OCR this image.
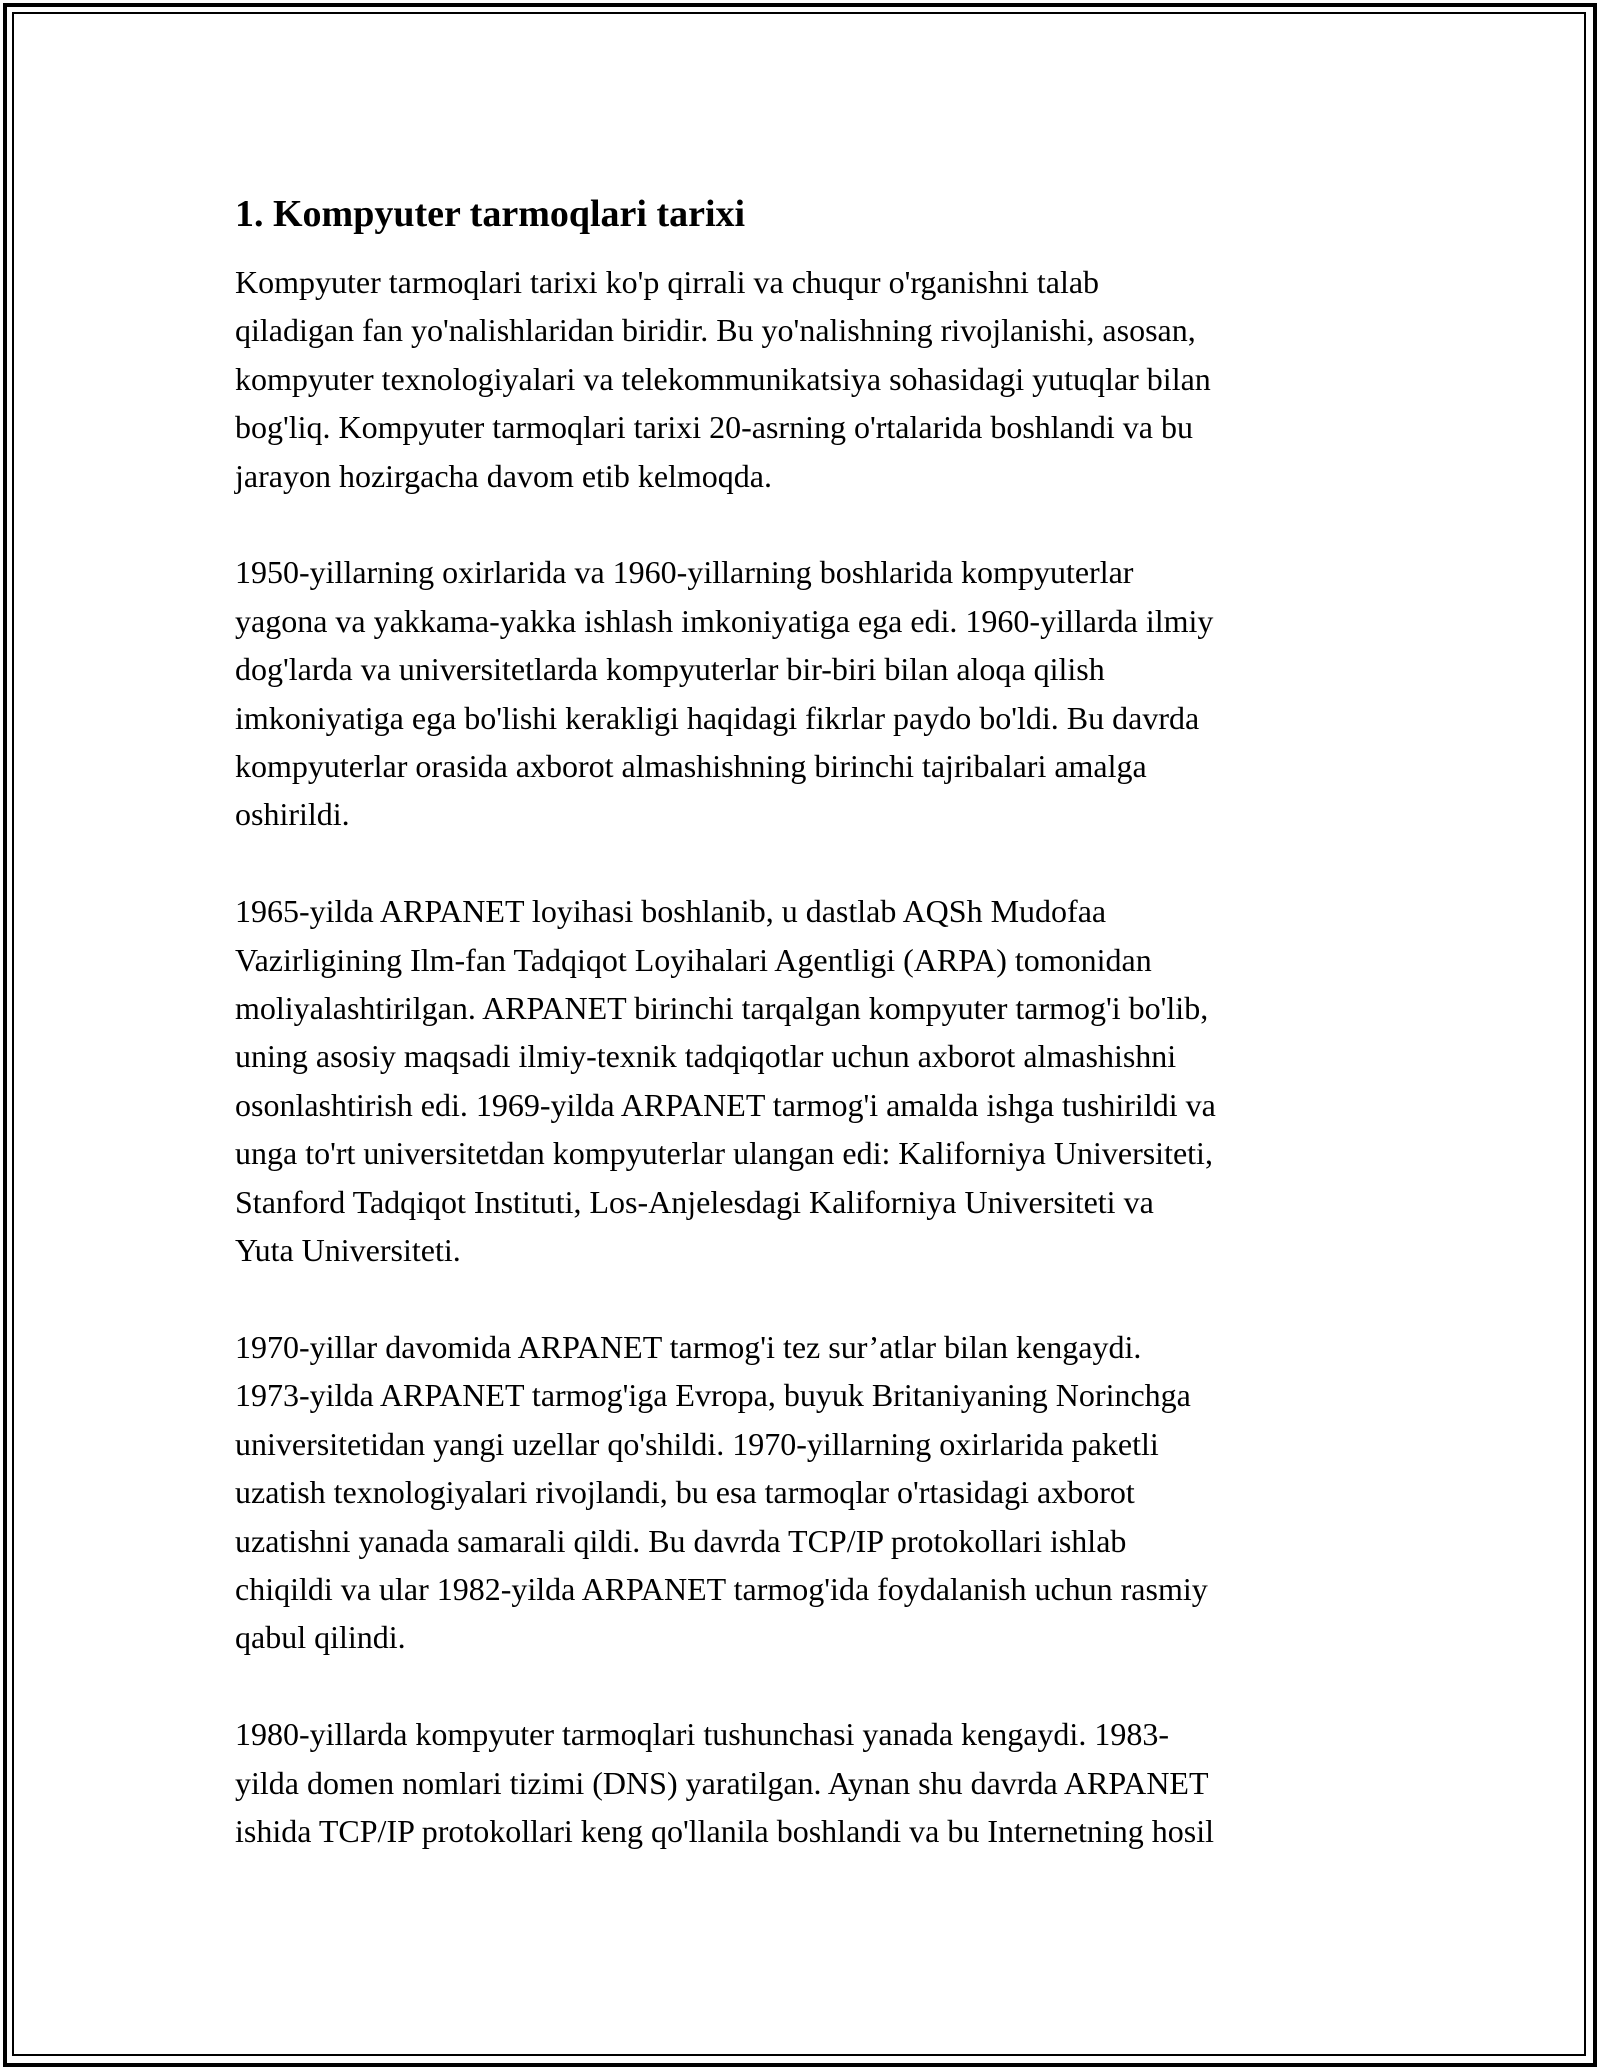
1. Kompyuter tarmoqlari tarixi

Kompyuter tarmoqlari tarixi ko'p qirrali va chuqur o'rganishni talab
qiladigan fan yo'nalishlaridan biridir. Bu yo'nalishning rivojlanishi, asosan,
kompyuter texnologiyalari va telekommunikatsiya sohasidagi yutuqlar bilan
bog'liq. Kompyuter tarmoqlari tarixi 20-asrning o'rtalarida boshlandi va bu
jarayon hozirgacha davom etib kelmoqda.

1950-yillarning oxirlarida va 1960-yillarning boshlarida kompyuterlar
yagona va yakkama-yakka ishlash imkoniyatiga ega edi. 1960-yillarda ilmiy
dog'larda va universitetlarda kompyuterlar bir-biri bilan aloqa qilish
imkoniyatiga ega bo'lishi kerakligi haqidagi fikrlar paydo bo'ldi. Bu davrda
kompyuterlar orasida axborot almashishning birinchi tajribalari amalga
oshirildi.

1965-yilda ARPANET loyihasi boshlanib, u dastlab AQSh Mudofaa
Vazirligining Ilm-fan Tadqiqot Loyihalari Agentligi (ARPA) tomonidan
moliyalashtirilgan. ARPANET birinchi tarqalgan kompyuter tarmog'i bo'lib,
uning asosiy maqsadi ilmiy-texnik tadqiqotlar uchun axborot almashishni
osonlashtirish edi. 1969-yilda ARPANET tarmog'i amalda ishga tushirildi va
unga to'rt universitetdan kompyuterlar ulangan edi: Kaliforniya Universiteti,
Stanford Tadqiqot Instituti, Los-Anjelesdagi Kaliforniya Universiteti va
Yuta Universiteti.

1970-yillar davomida ARPANET tarmog'i tez sur’atlar bilan kengaydi.
1973-yilda ARPANET tarmog'iga Evropa, buyuk Britaniyaning Norinchga
universitetidan yangi uzellar qo'shildi. 1970-yillarning oxirlarida paketli
uzatish texnologiyalari rivojlandi, bu esa tarmoqlar o'rtasidagi axborot
uzatishni yanada samarali qildi. Bu davrda TCP/IP protokollari ishlab
chiqildi va ular 1982-yilda ARPANET tarmog'ida foydalanish uchun rasmiy
qabul qilindi.

1980-yillarda kompyuter tarmoqlari tushunchasi yanada kengaydi. 1983-
yilda domen nomlari tizimi (DNS) yaratilgan. Aynan shu davrda ARPANET
ishida TCP/IP protokollari keng qo'llanila boshlandi va bu Internetning hosil
